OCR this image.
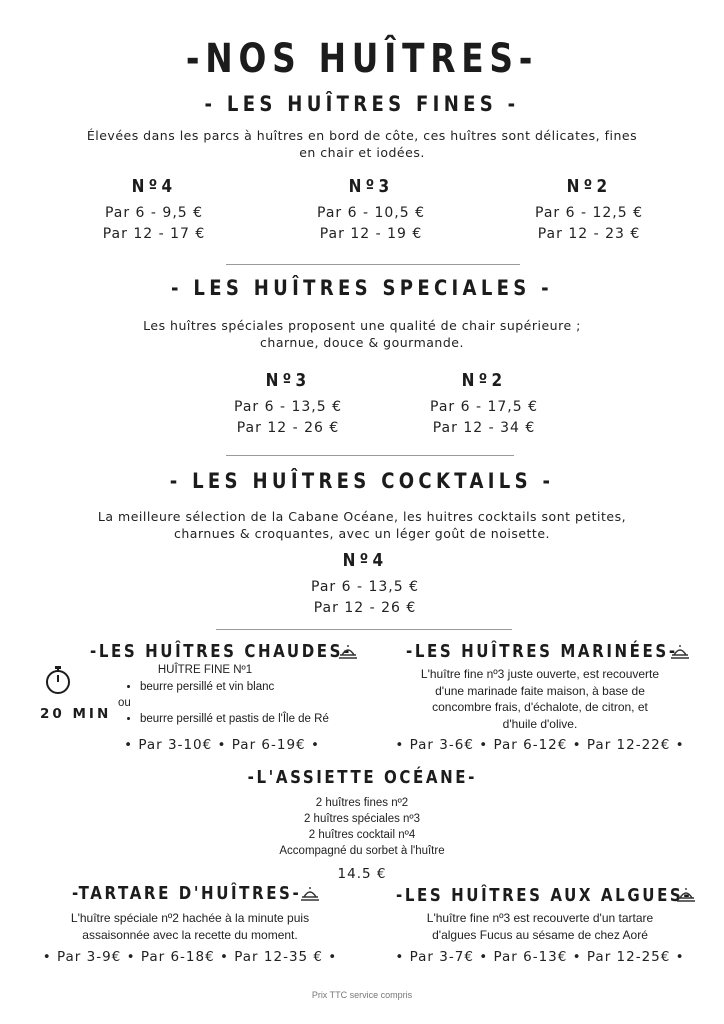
-NOS HUÎTRES-
- LES HUÎTRES FINES -
Élevées dans les parcs à huîtres en bord de côte, ces huîtres sont délicates, fines
en chair et iodées.
Nº4
Par 6 - 9,5 €
Par 12 - 17 €
Nº3
Par 6 - 10,5 €
Par 12 - 19 €
Nº2
Par 6 - 12,5 €
Par 12 - 23 €
- LES HUÎTRES SPECIALES -
Les huîtres spéciales proposent une qualité de chair supérieure ;
charnue, douce & gourmande.
Nº3
Par 6 - 13,5 €
Par 12 - 26 €
Nº2
Par 6 - 17,5 €
Par 12 - 34 €
- LES HUÎTRES COCKTAILS -
La meilleure sélection de la Cabane Océane, les huitres cocktails sont petites,
charnues & croquantes, avec un léger goût de noisette.
Nº4
Par 6 - 13,5 €
Par 12 - 26 €
-LES HUÎTRES CHAUDES-
HUÎTRE FINE Nº1
20 MIN
• beurre persillé et vin blanc
ou
• beurre persillé et pastis de l'Île de Ré
• Par 3-10€ • Par 6-19€ •
-LES HUÎTRES MARINÉES-
L'huître fine nº3 juste ouverte, est recouverte
d'une marinade faite maison, à base de
concombre frais, d'échalote, de citron, et
d'huile d'olive.
• Par 3-6€ • Par 6-12€ • Par 12-22€ •
-L'ASSIETTE OCÉANE-
2 huîtres fines nº2
2 huîtres spéciales nº3
2 huîtres cocktail nº4
Accompagné du sorbet à l'huître
14.5 €
-TARTARE D'HUÎTRES-
L'huître spéciale nº2 hachée à la minute puis
assaisonnée avec la recette du moment.
• Par 3-9€ • Par 6-18€ • Par 12-35 € •
-LES HUÎTRES AUX ALGUES-
L'huître fine nº3 est recouverte d'un tartare
d'algues Fucus au sésame de chez Aoré
• Par 3-7€ • Par 6-13€ • Par 12-25€ •
Prix TTC service compris
